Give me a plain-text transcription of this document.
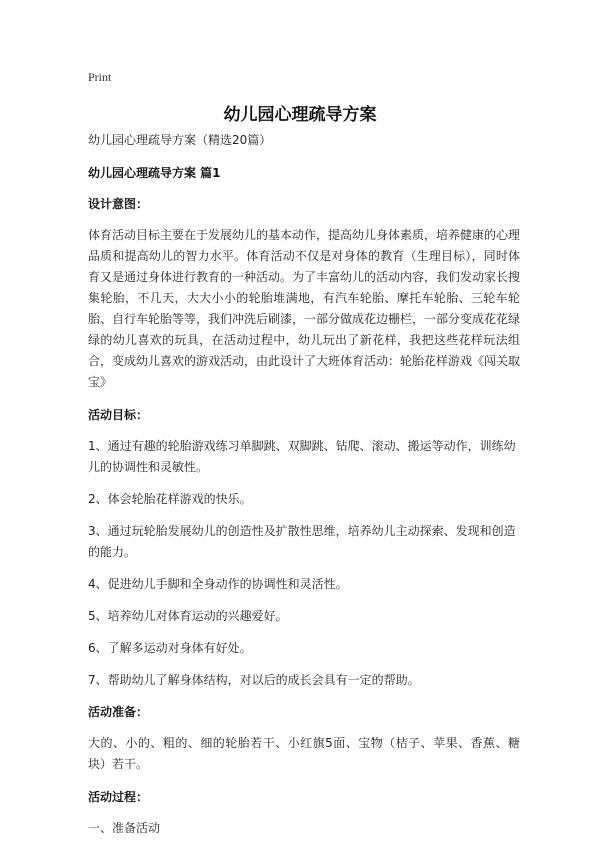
Print
幼儿园心理疏导方案

幼儿园心理疏导方案（精选20篇）

幼儿园心理疏导方案 篇1

设计意图：

体育活动目标主要在于发展幼儿的基本动作，提高幼儿身体素质，培养健康的心理品质和提高幼儿的智力水平。体育活动不仅是对身体的教育（生理目标），同时体育又是通过身体进行教育的一种活动。为了丰富幼儿的活动内容，我们发动家长搜集轮胎，不几天，大大小小的轮胎堆满地，有汽车轮胎、摩托车轮胎、三轮车轮胎、自行车轮胎等等，我们冲洗后刷漆，一部分做成花边栅栏，一部分变成花花绿绿的幼儿喜欢的玩具，在活动过程中，幼儿玩出了新花样，我把这些花样玩法组合，变成幼儿喜欢的游戏活动，由此设计了大班体育活动：轮胎花样游戏《闯关取宝》

活动目标：

1、通过有趣的轮胎游戏练习单脚跳、双脚跳、钻爬、滚动、搬运等动作，训练幼儿的协调性和灵敏性。

2、体会轮胎花样游戏的快乐。

3、通过玩轮胎发展幼儿的创造性及扩散性思维，培养幼儿主动探索、发现和创造的能力。

4、促进幼儿手脚和全身动作的协调性和灵活性。

5、培养幼儿对体育运动的兴趣爱好。

6、了解多运动对身体有好处。

7、帮助幼儿了解身体结构，对以后的成长会具有一定的帮助。

活动准备：

大的、小的、粗的、细的轮胎若干、小红旗5面、宝物（桔子、苹果、香蕉、糖块）若干。

活动过程：

一、准备活动
